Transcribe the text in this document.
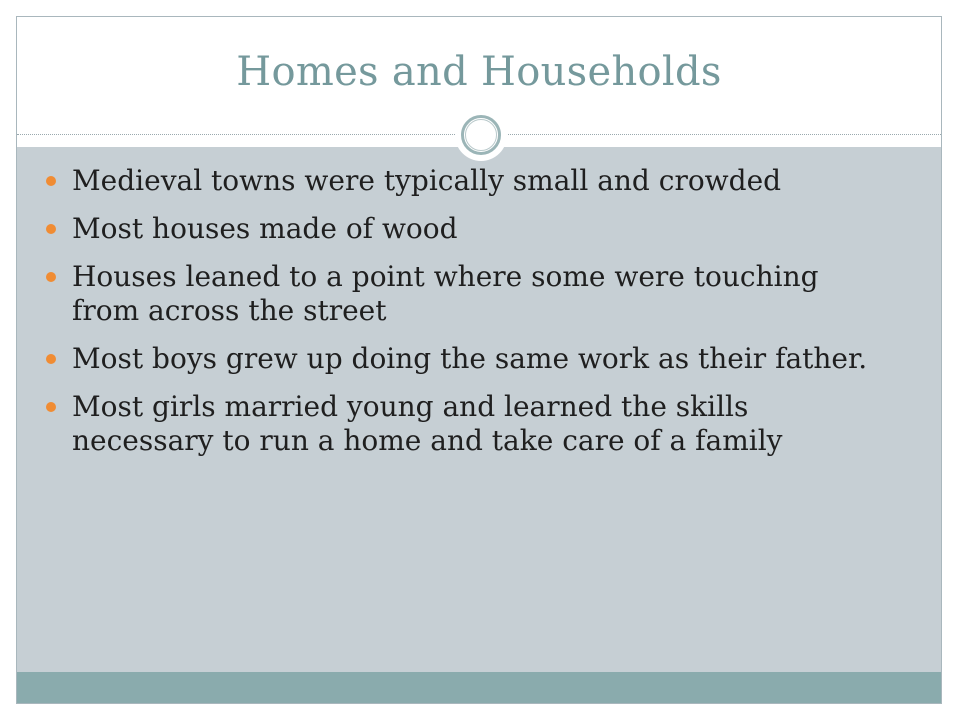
Homes and Households
Medieval towns were typically small and crowded
Most houses made of wood
Houses leaned to a point where some were touching from across the street
Most boys grew up doing the same work as their father.
Most girls married young and learned the skills necessary to run a home and take care of a family
